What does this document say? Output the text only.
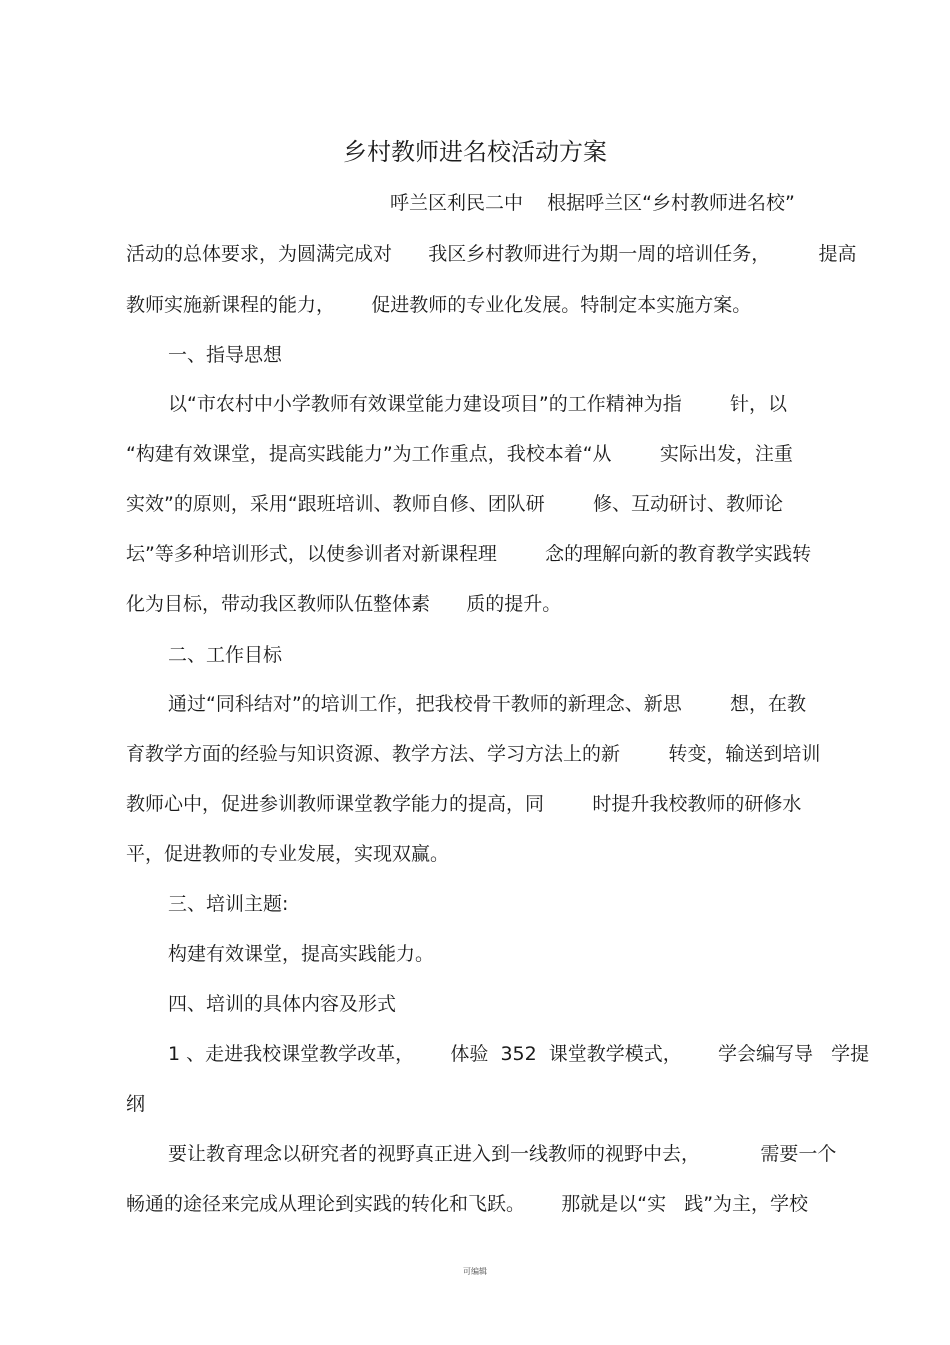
乡村教师进名校活动方案
呼兰区利民二中    根据呼兰区“乡村教师进名校”
活动的总体要求，为圆满完成对      我区乡村教师进行为期一周的培训任务，        提高
教师实施新课程的能力，      促进教师的专业化发展。特制定本实施方案。
一、指导思想
以“市农村中小学教师有效课堂能力建设项目”的工作精神为指        针，以
“构建有效课堂，提高实践能力”为工作重点，我校本着“从        实际出发，注重
实效”的原则，采用“跟班培训、教师自修、团队研        修、互动研讨、教师论
坛”等多种培训形式，以使参训者对新课程理        念的理解向新的教育教学实践转
化为目标，带动我区教师队伍整体素      质的提升。
二、工作目标
通过“同科结对”的培训工作，把我校骨干教师的新理念、新思        想，在教
育教学方面的经验与知识资源、教学方法、学习方法上的新        转变，输送到培训
教师心中，促进参训教师课堂教学能力的提高，同        时提升我校教师的研修水
平，促进教师的专业发展，实现双赢。
三、培训主题:
构建有效课堂，提高实践能力。
四、培训的具体内容及形式
1 、走进我校课堂教学改革，      体验  352  课堂教学模式，      学会编写导   学提
纲
要让教育理念以研究者的视野真正进入到一线教师的视野中去，          需要一个
畅通的途径来完成从理论到实践的转化和飞跃。      那就是以“实   践”为主，学校
可编辑
